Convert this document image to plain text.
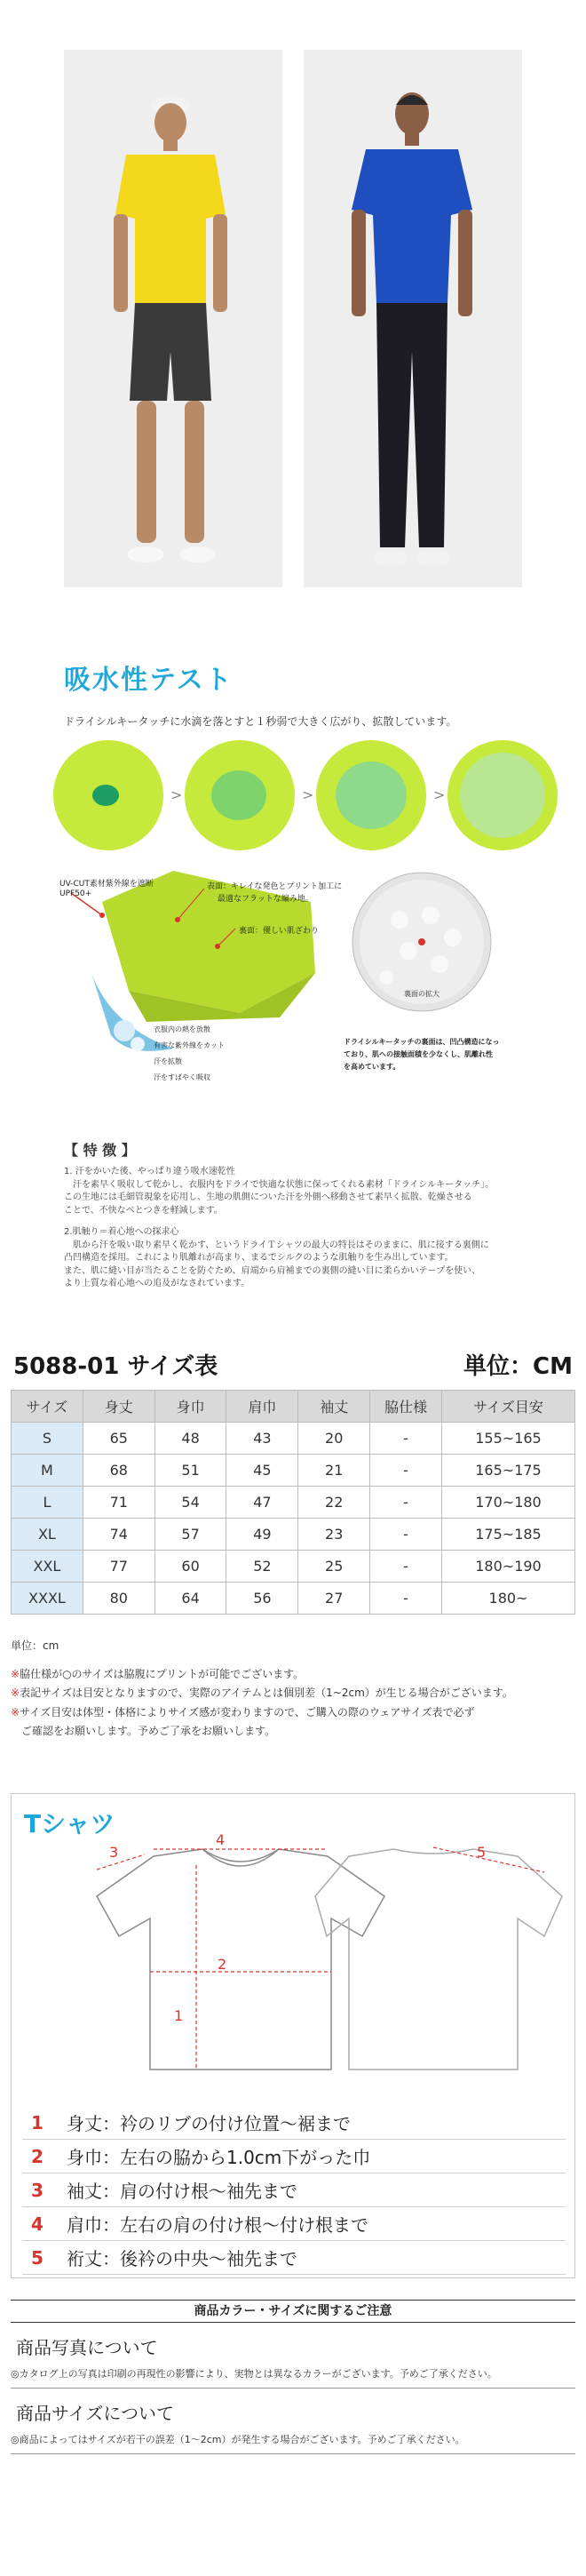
吸水性テスト
ドライシルキータッチに水滴を落とすと１秒弱で大きく広がり、拡散しています。
>	>	>
UV-CUT素材紫外線を遮断
UPF50+
表面：キレイな発色とプリント加工に
最適なフラットな編み地。
裏面：優しい肌ざわり
衣服内の熱を放散
有害な紫外線をカット
汗を拡散
汗をすばやく吸収
裏面の拡大
ドライシルキータッチの裏面は、凹凸構造になっ
ており、肌への接触面積を少なくし、肌離れ性
を高めています。
【 特 徴 】

1. 汗をかいた後、やっぱり違う吸水速乾性

　汗を素早く吸収して乾かし、衣服内をドライで快適な状態に保ってくれる素材「ドライシルキータッチ」。

この生地には毛細管現象を応用し、生地の肌側についた汗を外側へ移動させて素早く拡散、乾燥させる

ことで、不快なべとつきを軽減します。

2.肌触り＝着心地への探求心

　肌から汗を吸い取り素早く乾かす、というドライＴシャツの最大の特長はそのままに、肌に接する裏側に

凸凹構造を採用。これにより肌離れが高まり、まるでシルクのような肌触りを生み出しています。

また、肌に縫い目が当たることを防ぐため、肩端から肩補までの裏側の縫い目に柔らかいテープを使い、

より上質な着心地への追及がなされています。

5088-01 サイズ表	単位：CM
サイズ	身丈	身巾	肩巾	袖丈	脇仕様	サイズ目安
S	65	48	43	20	-	155~165
M	68	51	45	21	-	165~175
L	71	54	47	22	-	170~180
XL	74	57	49	23	-	175~185
XXL	77	60	52	25	-	180~190
XXXL	80	64	56	27	-	180~
単位：cm
※脇仕様が○のサイズは脇腹にプリントが可能でございます。
※表記サイズは目安となりますので、実際のアイテムとは個別差（1~2cm）が生じる場合がございます。
※サイズ目安は体型・体格によりサイズ感が変わりますので、ご購入の際のウェアサイズ表で必ず
ご確認をお願いします。予めご了承をお願いします。
Tシャツ
4
2
1
3	5
1	身丈：衿のリブの付け位置～裾まで
2	身巾：左右の脇から1.0cm下がった巾
3	袖丈：肩の付け根～袖先まで
4	肩巾：左右の肩の付け根～付け根まで
5	裄丈：後衿の中央～袖先まで
商品カラー・サイズに関するご注意
商品写真について
◎カタログ上の写真は印刷の再現性の影響により、実物とは異なるカラーがございます。予めご了承ください。
商品サイズについて
◎商品によってはサイズが若干の誤差（1～2cm）が発生する場合がございます。予めご了承ください。
